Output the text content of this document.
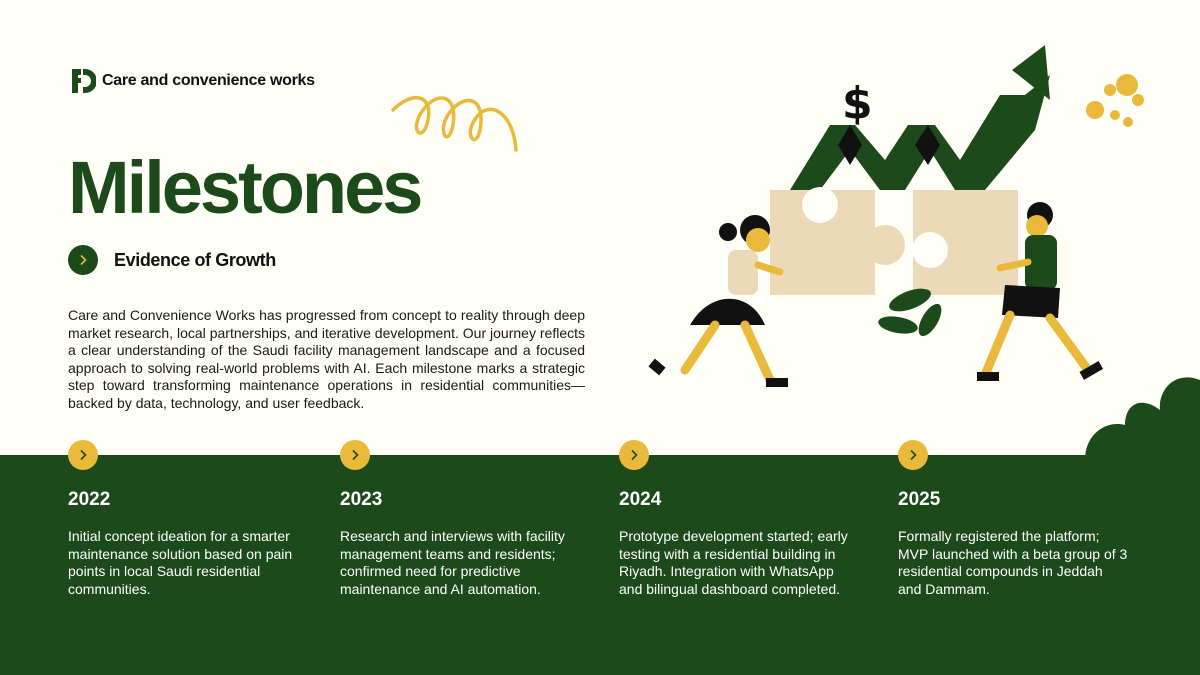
Care and convenience works
Milestones
Evidence of Growth

Care and Convenience Works has progressed from concept to reality through deep market research, local partnerships, and iterative development. Our journey reflects a clear understanding of the Saudi facility management landscape and a focused approach to solving real-world problems with AI. Each milestone marks a strategic step toward transforming maintenance operations in residential communities—backed by data, technology, and user feedback.

$
2022
Initial concept ideation for a smarter maintenance solution based on pain points in local Saudi residential communities.
2023
Research and interviews with facility management teams and residents; confirmed need for predictive maintenance and AI automation.
2024
Prototype development started; early testing with a residential building in Riyadh. Integration with WhatsApp and bilingual dashboard completed.
2025
Formally registered the platform; MVP launched with a beta group of 3 residential compounds in Jeddah and Dammam.
